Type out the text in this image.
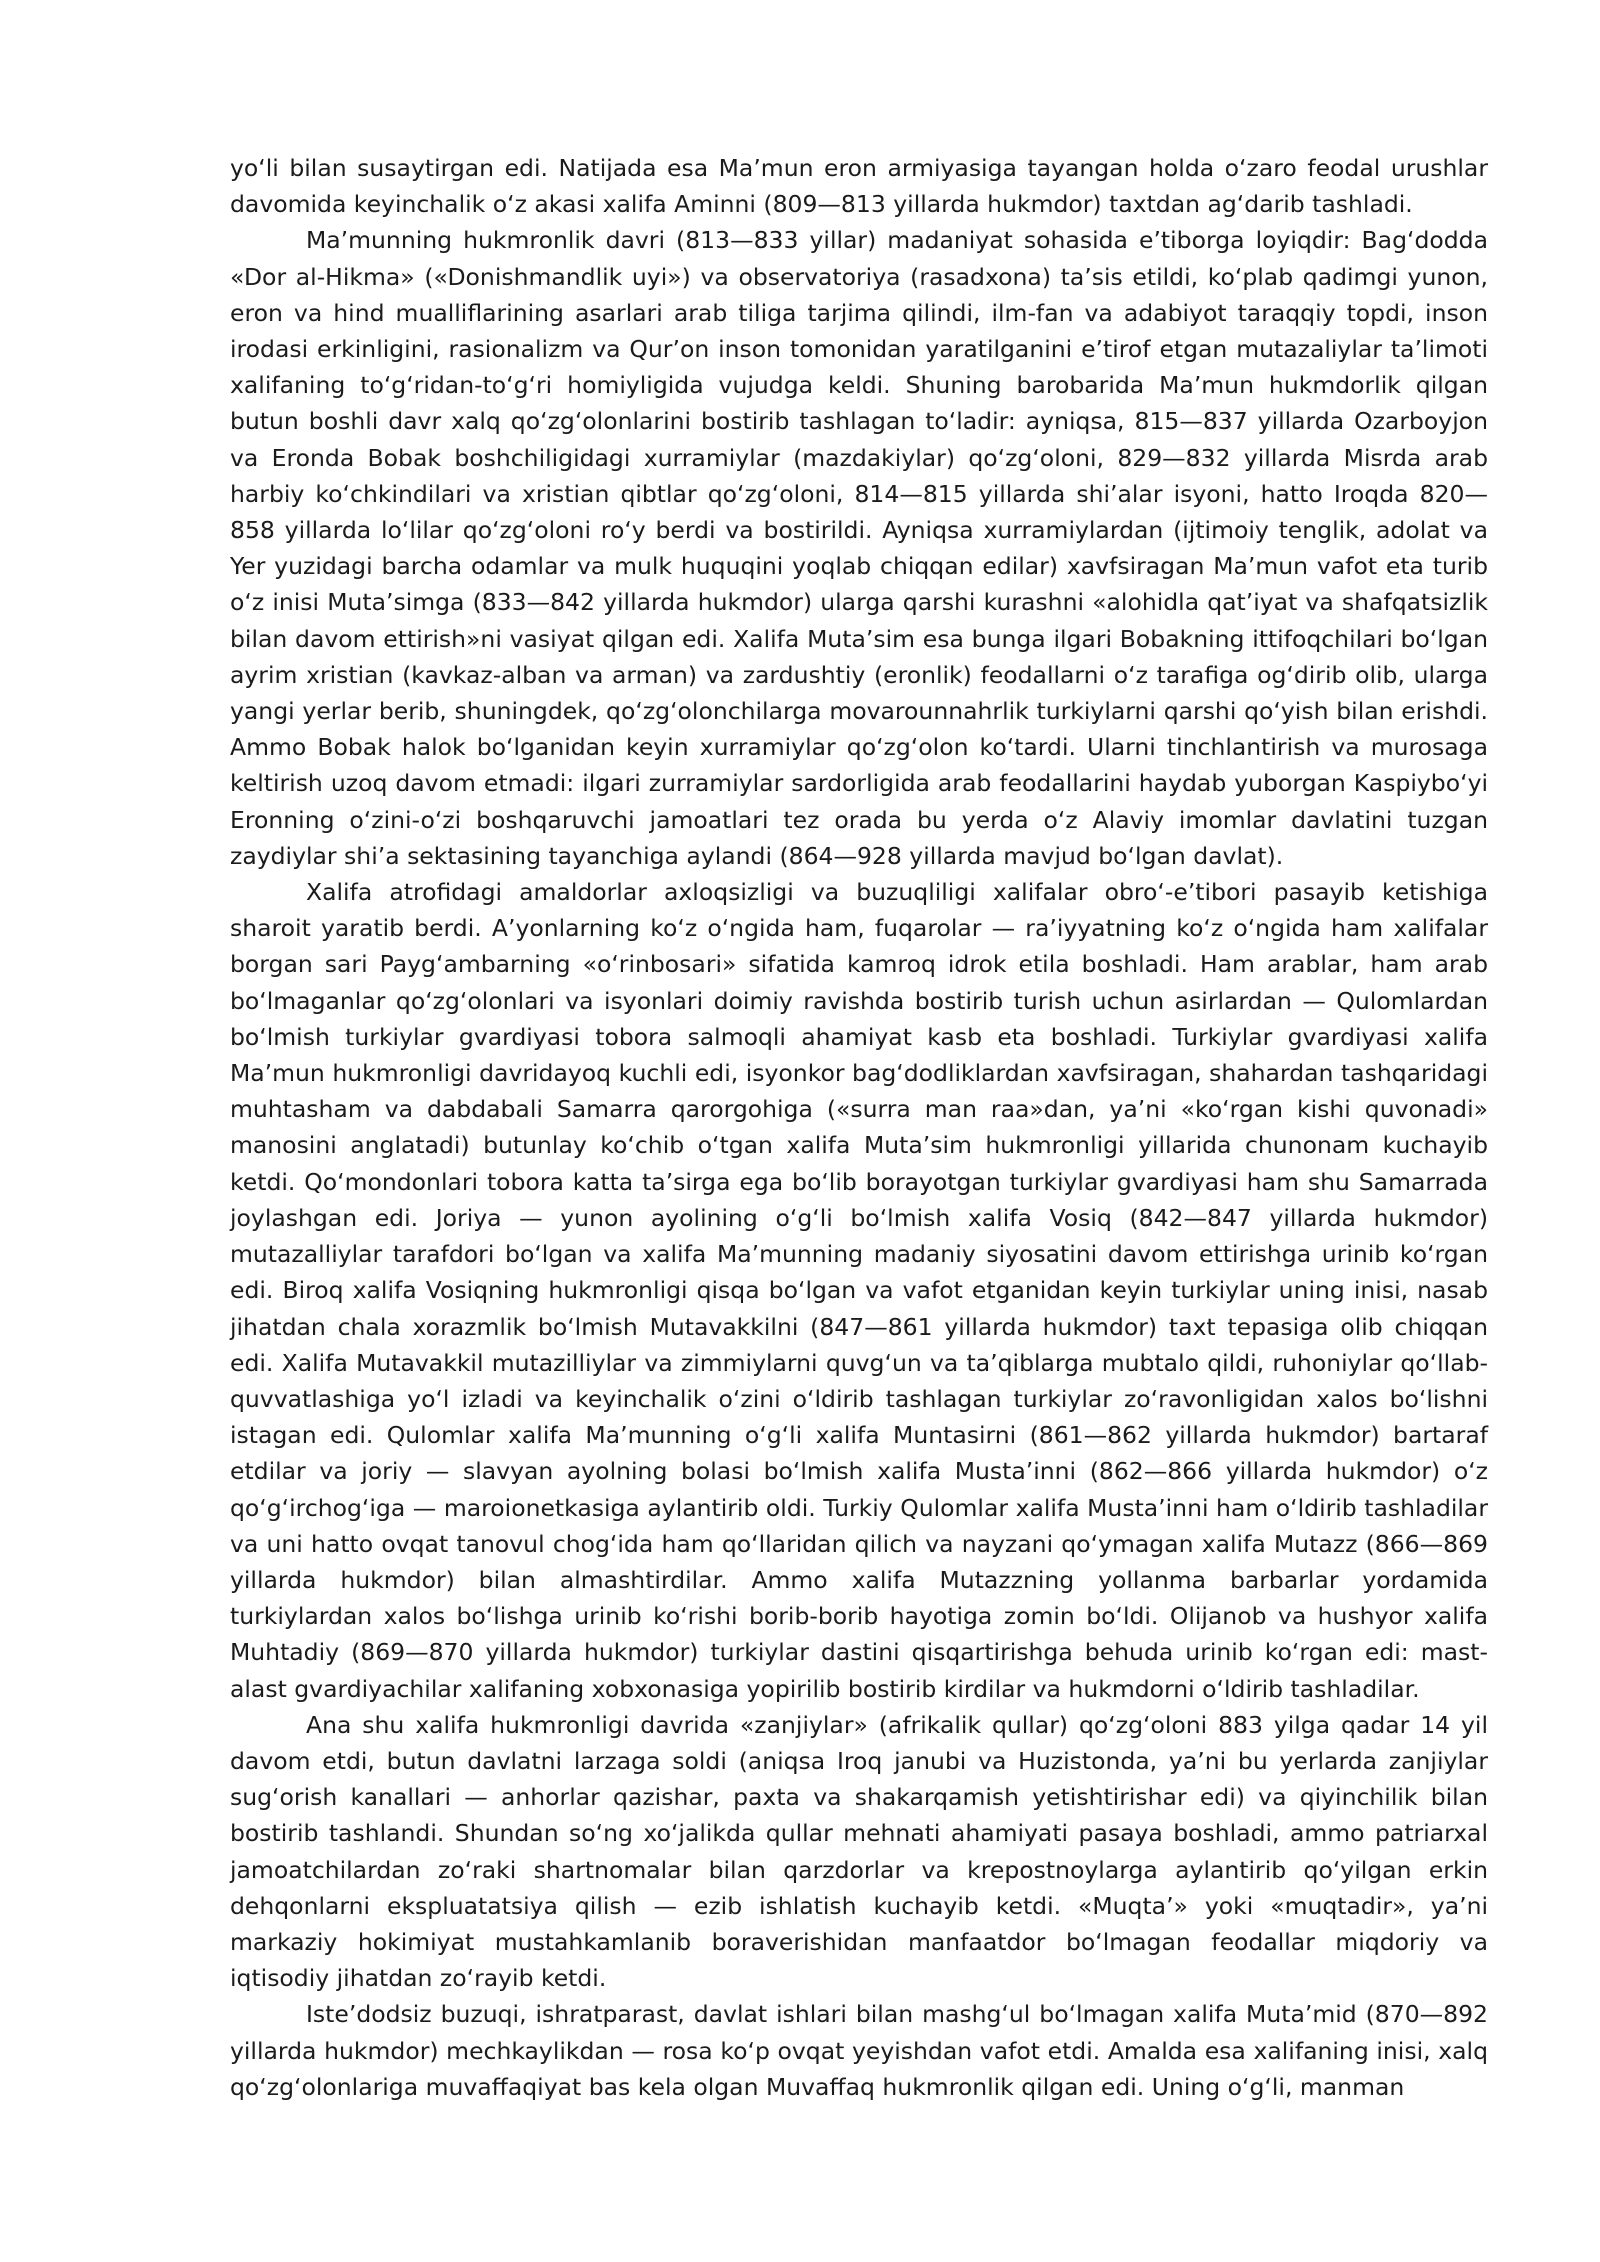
yo‘li bilan susaytirgan edi. Natijada esa Ma’mun eron armiyasiga tayangan holda o‘zaro feodal urushlar davomida keyinchalik o‘z akasi xalifa Aminni (809—813 yillarda hukmdor) taxtdan ag‘darib tashladi.

Ma’munning hukmronlik davri (813—833 yillar) madaniyat sohasida e’tiborga loyiqdir: Bag‘dodda «Dor al-Hikma» («Donishmandlik uyi») va observatoriya (rasadxona) ta’sis etildi, ko‘plab qadimgi yunon, eron va hind mualliflarining asarlari arab tiliga tarjima qilindi, ilm-fan va adabiyot taraqqiy topdi, inson irodasi erkinligini, rasionalizm va Qur’on inson tomonidan yaratilganini e’tirof etgan mutazaliylar ta’limoti xalifaning to‘g‘ridan-to‘g‘ri homiyligida vujudga keldi. Shuning barobarida Ma’mun hukmdorlik qilgan butun boshli davr xalq qo‘zg‘olonlarini bostirib tashlagan to‘ladir: ayniqsa, 815—837 yillarda Ozarboyjon va Eronda Bobak boshchiligidagi xurramiylar (mazdakiylar) qo‘zg‘oloni, 829—832 yillarda Misrda arab harbiy ko‘chkindilari va xristian qibtlar qo‘zg‘oloni, 814—815 yillarda shi’alar isyoni, hatto Iroqda 820—858 yillarda lo‘lilar qo‘zg‘oloni ro‘y berdi va bostirildi. Ayniqsa xurramiylardan (ijtimoiy tenglik, adolat va Yer yuzidagi barcha odamlar va mulk huquqini yoqlab chiqqan edilar) xavfsiragan Ma’mun vafot eta turib o‘z inisi Muta’simga (833—842 yillarda hukmdor) ularga qarshi kurashni «alohidla qat’iyat va shafqatsizlik bilan davom ettirish»ni vasiyat qilgan edi. Xalifa Muta’sim esa bunga ilgari Bobakning ittifoqchilari bo‘lgan ayrim xristian (kavkaz-alban va arman) va zardushtiy (eronlik) feodallarni o‘z tarafiga og‘dirib olib, ularga yangi yerlar berib, shuningdek, qo‘zg‘olonchilarga movarounnahrlik turkiylarni qarshi qo‘yish bilan erishdi. Ammo Bobak halok bo‘lganidan keyin xurramiylar qo‘zg‘olon ko‘tardi. Ularni tinchlantirish va murosaga keltirish uzoq davom etmadi: ilgari zurramiylar sardorligida arab feodallarini haydab yuborgan Kaspiybo‘yi Eronning o‘zini-o‘zi boshqaruvchi jamoatlari tez orada bu yerda o‘z Alaviy imomlar davlatini tuzgan zaydiylar shi’a sektasining tayanchiga aylandi (864—928 yillarda mavjud bo‘lgan davlat).

Xalifa atrofidagi amaldorlar axloqsizligi va buzuqliligi xalifalar obro‘-e’tibori pasayib ketishiga sharoit yaratib berdi. A’yonlarning ko‘z o‘ngida ham, fuqarolar — ra’iyyatning ko‘z o‘ngida ham xalifalar borgan sari Payg‘ambarning «o‘rinbosari» sifatida kamroq idrok etila boshladi. Ham arablar, ham arab bo‘lmaganlar qo‘zg‘olonlari va isyonlari doimiy ravishda bostirib turish uchun asirlardan — Qulomlardan bo‘lmish turkiylar gvardiyasi tobora salmoqli ahamiyat kasb eta boshladi. Turkiylar gvardiyasi xalifa Ma’mun hukmronligi davridayoq kuchli edi, isyonkor bag‘dodliklardan xavfsiragan, shahardan tashqaridagi muhtasham va dabdabali Samarra qarorgohiga («surra man raa»dan, ya’ni «ko‘rgan kishi quvonadi» manosini anglatadi) butunlay ko‘chib o‘tgan xalifa Muta’sim hukmronligi yillarida chunonam kuchayib ketdi. Qo‘mondonlari tobora katta ta’sirga ega bo‘lib borayotgan turkiylar gvardiyasi ham shu Samarrada joylashgan edi. Joriya — yunon ayolining o‘g‘li bo‘lmish xalifa Vosiq (842—847 yillarda hukmdor) mutazalliylar tarafdori bo‘lgan va xalifa Ma’munning madaniy siyosatini davom ettirishga urinib ko‘rgan edi. Biroq xalifa Vosiqning hukmronligi qisqa bo‘lgan va vafot etganidan keyin turkiylar uning inisi, nasab jihatdan chala xorazmlik bo‘lmish Mutavakkilni (847—861 yillarda hukmdor) taxt tepasiga olib chiqqan edi. Xalifa Mutavakkil mutazilliylar va zimmiylarni quvg‘un va ta’qiblarga mubtalo qildi, ruhoniylar qo‘llab-quvvatlashiga yo‘l izladi va keyinchalik o‘zini o‘ldirib tashlagan turkiylar zo‘ravonligidan xalos bo‘lishni istagan edi. Qulomlar xalifa Ma’munning o‘g‘li xalifa Muntasirni (861—862 yillarda hukmdor) bartaraf etdilar va joriy — slavyan ayolning bolasi bo‘lmish xalifa Musta’inni (862—866 yillarda hukmdor) o‘z qo‘g‘irchog‘iga — maroionetkasiga aylantirib oldi. Turkiy Qulomlar xalifa Musta’inni ham o‘ldirib tashladilar va uni hatto ovqat tanovul chog‘ida ham qo‘llaridan qilich va nayzani qo‘ymagan xalifa Mutazz (866—869 yillarda hukmdor) bilan almashtirdilar. Ammo xalifa Mutazzning yollanma barbarlar yordamida turkiylardan xalos bo‘lishga urinib ko‘rishi borib-borib hayotiga zomin bo‘ldi. Olijanob va hushyor xalifa Muhtadiy (869—870 yillarda hukmdor) turkiylar dastini qisqartirishga behuda urinib ko‘rgan edi: mast-alast gvardiyachilar xalifaning xobxonasiga yopirilib bostirib kirdilar va hukmdorni o‘ldirib tashladilar.

Ana shu xalifa hukmronligi davrida «zanjiylar» (afrikalik qullar) qo‘zg‘oloni 883 yilga qadar 14 yil davom etdi, butun davlatni larzaga soldi (aniqsa Iroq janubi va Huzistonda, ya’ni bu yerlarda zanjiylar sug‘orish kanallari — anhorlar qazishar, paxta va shakarqamish yetishtirishar edi) va qiyinchilik bilan bostirib tashlandi. Shundan so‘ng xo‘jalikda qullar mehnati ahamiyati pasaya boshladi, ammo patriarxal jamoatchilardan zo‘raki shartnomalar bilan qarzdorlar va krepostnoylarga aylantirib qo‘yilgan erkin dehqonlarni ekspluatatsiya qilish — ezib ishlatish kuchayib ketdi. «Muqta’» yoki «muqtadir», ya’ni markaziy hokimiyat mustahkamlanib boraverishidan manfaatdor bo‘lmagan feodallar miqdoriy va iqtisodiy jihatdan zo‘rayib ketdi.

Iste’dodsiz buzuqi, ishratparast, davlat ishlari bilan mashg‘ul bo‘lmagan xalifa Muta’mid (870—892 yillarda hukmdor) mechkaylikdan — rosa ko‘p ovqat yeyishdan vafot etdi. Amalda esa xalifaning inisi, xalq qo‘zg‘olonlariga muvaffaqiyat bas kela olgan Muvaffaq hukmronlik qilgan edi. Uning o‘g‘li, manman
